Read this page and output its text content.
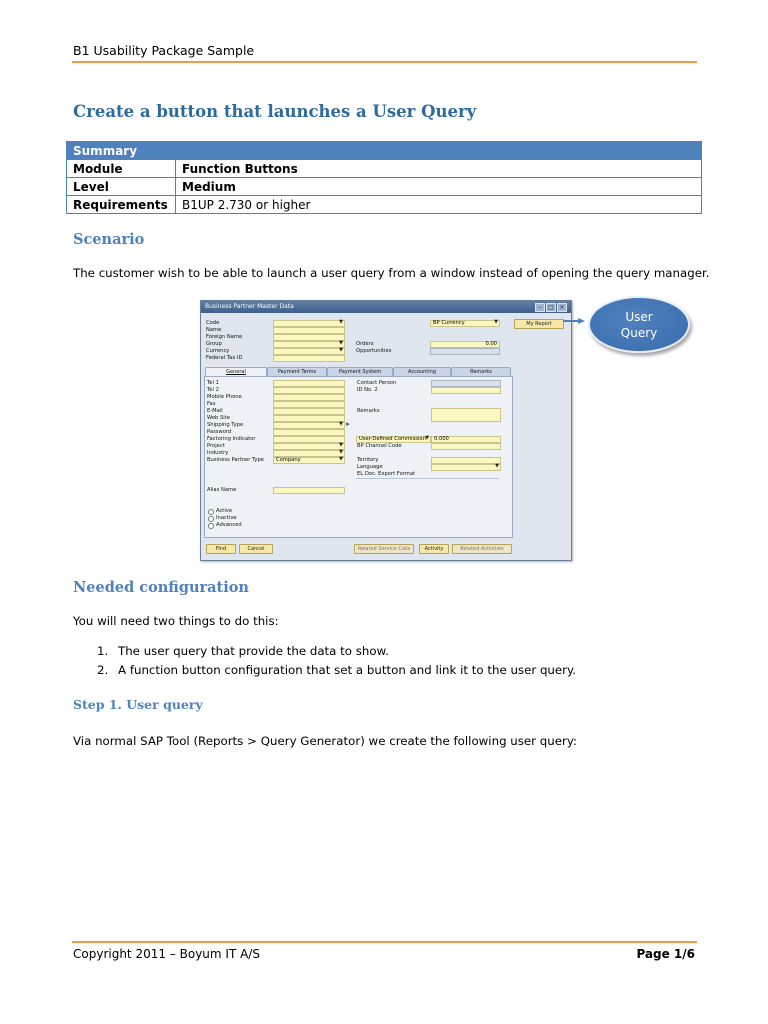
B1 Usability Package Sample
Create a button that launches a User Query
Summary	
Module	Function Buttons
Level	Medium
Requirements	B1UP 2.730 or higher
Scenario
The customer wish to be able to launch a user query from a window instead of opening the query manager.
Business Partner Master Data	–	□ ×
Code
Name
Foreign Name
Group
Currency
Federal Tax ID
▼
▼
▼
BP Currency	▼	My Report
Orders	0.00
Opportunities
General	Payment Terms	Payment System	Accounting	Remarks
Tel 1
Tel 2
Mobile Phone
Fax
E-Mail
Web Site
Shipping Type
Password
Factoring Indicator
Project
Industry
Business Partner Type
▼
▼
▼
Company	▼
➤
Contact Person
ID No. 2
Remarks
User-Defined Commission ▼ 0.000
BP Channel Code
Territory
Language	▼
EL Doc. Export Format
Alias Name
Active
Inactive
Advanced
Find	Cancel	Related Service Calls	Activity	Related Activities
User
Query
Needed configuration
You will need two things to do this:
1. The user query that provide the data to show.
2. A function button configuration that set a button and link it to the user query.
Step 1. User query
Via normal SAP Tool (Reports > Query Generator) we create the following user query:
Copyright 2011 – Boyum IT A/S	Page 1/6
